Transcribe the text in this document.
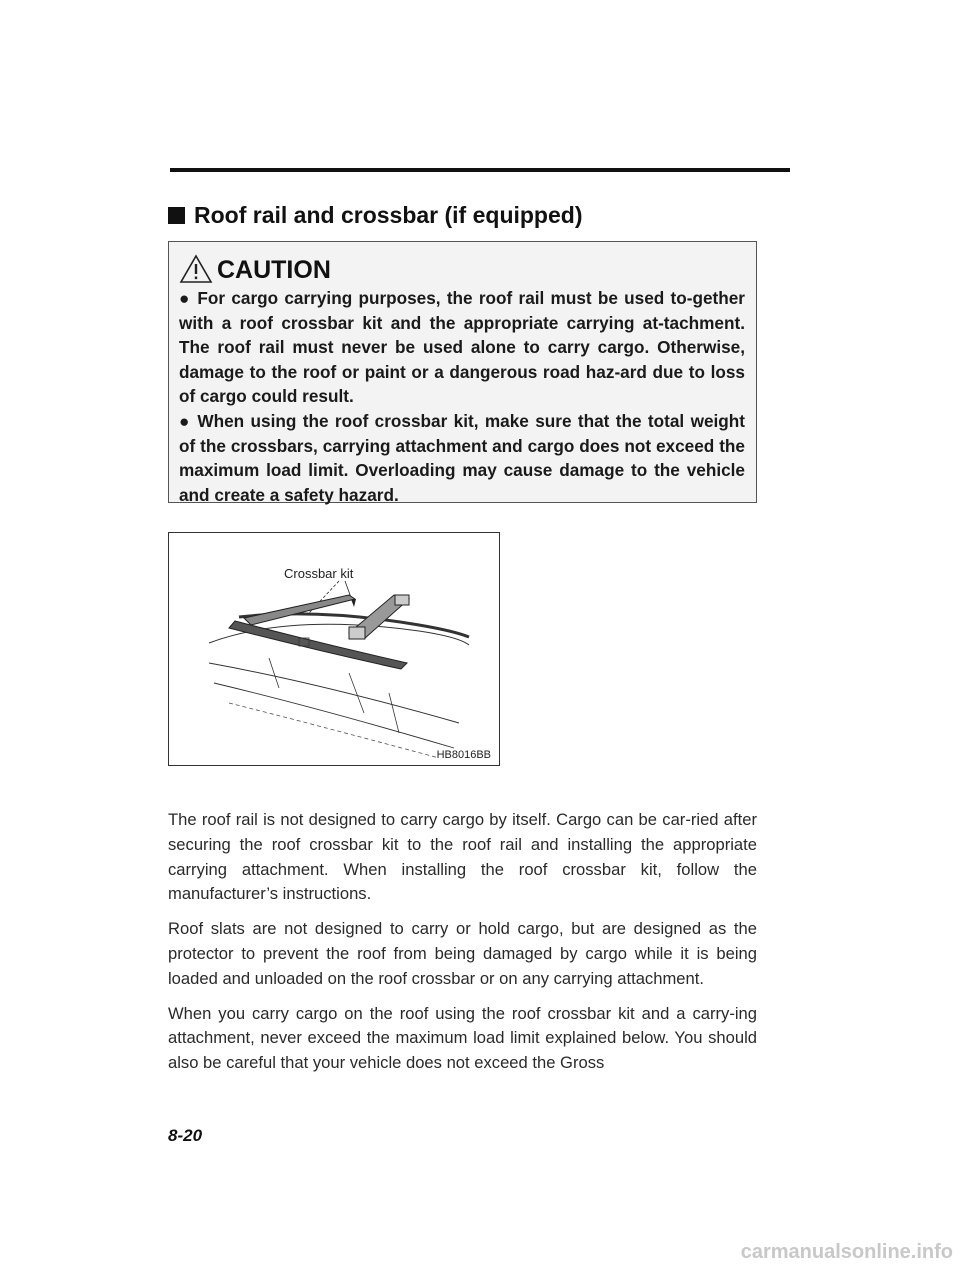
Roof rail and crossbar (if equipped)
CAUTION

● For cargo carrying purposes, the roof rail must be used to-gether with a roof crossbar kit and the appropriate carrying at-tachment. The roof rail must never be used alone to carry cargo. Otherwise, damage to the roof or paint or a dangerous road haz-ard due to loss of cargo could result.

● When using the roof crossbar kit, make sure that the total weight of the crossbars, carrying attachment and cargo does not exceed the maximum load limit. Overloading may cause damage to the vehicle and create a safety hazard.

Crossbar kit
HB8016BB

The roof rail is not designed to carry cargo by itself. Cargo can be car-ried after securing the roof crossbar kit to the roof rail and installing the appropriate carrying attachment. When installing the roof crossbar kit, follow the manufacturer’s instructions.

Roof slats are not designed to carry or hold cargo, but are designed as the protector to prevent the roof from being damaged by cargo while it is being loaded and unloaded on the roof crossbar or on any carrying attachment.

When you carry cargo on the roof using the roof crossbar kit and a carry-ing attachment, never exceed the maximum load limit explained below. You should also be careful that your vehicle does not exceed the Gross

8-20
carmanualsonline.info
